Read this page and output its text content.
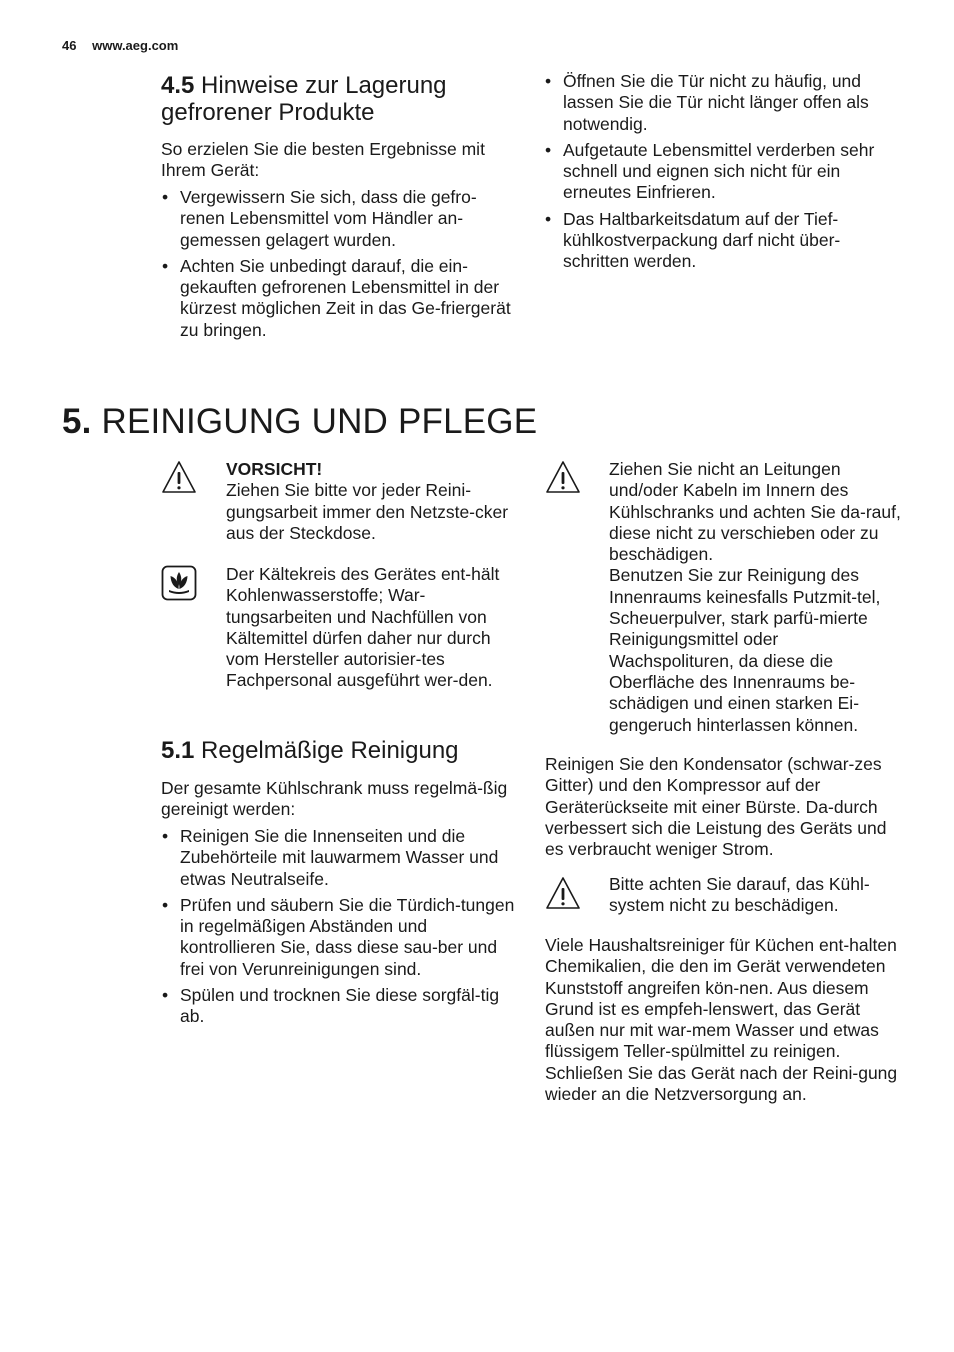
46 www.aeg.com
4.5 Hinweise zur Lagerung gefrorener Produkte

So erzielen Sie die besten Ergebnisse mit Ihrem Gerät:

• Vergewissern Sie sich, dass die gefro-renen Lebensmittel vom Händler an-gemessen gelagert wurden.
• Achten Sie unbedingt darauf, die ein-gekauften gefrorenen Lebensmittel in der kürzest möglichen Zeit in das Ge-friergerät zu bringen.
• Öffnen Sie die Tür nicht zu häufig, und lassen Sie die Tür nicht länger offen als notwendig.
• Aufgetaute Lebensmittel verderben sehr schnell und eignen sich nicht für ein erneutes Einfrieren.
• Das Haltbarkeitsdatum auf der Tief-kühlkostverpackung darf nicht über-schritten werden.
5. REINIGUNG UND PFLEGE
VORSICHT!
Ziehen Sie bitte vor jeder Reini-gungsarbeit immer den Netzste-cker aus der Steckdose.

Der Kältekreis des Gerätes ent-hält Kohlenwasserstoffe; War-tungsarbeiten und Nachfüllen von Kältemittel dürfen daher nur durch vom Hersteller autorisier-tes Fachpersonal ausgeführt wer-den.

5.1 Regelmäßige Reinigung

Der gesamte Kühlschrank muss regelmä-ßig gereinigt werden:

• Reinigen Sie die Innenseiten und die Zubehörteile mit lauwarmem Wasser und etwas Neutralseife.
• Prüfen und säubern Sie die Türdich-tungen in regelmäßigen Abständen und kontrollieren Sie, dass diese sau-ber und frei von Verunreinigungen sind.
• Spülen und trocknen Sie diese sorgfäl-tig ab.
Ziehen Sie nicht an Leitungen und/oder Kabeln im Innern des Kühlschranks und achten Sie da-rauf, diese nicht zu verschieben oder zu beschädigen.
Benutzen Sie zur Reinigung des Innenraums keinesfalls Putzmit-tel, Scheuerpulver, stark parfü-mierte Reinigungsmittel oder Wachspolituren, da diese die Oberfläche des Innenraums be-schädigen und einen starken Ei-gengeruch hinterlassen können.

Reinigen Sie den Kondensator (schwar-zes Gitter) und den Kompressor auf der Geräterückseite mit einer Bürste. Da-durch verbessert sich die Leistung des Geräts und es verbraucht weniger Strom.

Bitte achten Sie darauf, das Kühl-system nicht zu beschädigen.

Viele Haushaltsreiniger für Küchen ent-halten Chemikalien, die den im Gerät verwendeten Kunststoff angreifen kön-nen. Aus diesem Grund ist es empfeh-lenswert, das Gerät außen nur mit war-mem Wasser und etwas flüssigem Teller-spülmittel zu reinigen.

Schließen Sie das Gerät nach der Reini-gung wieder an die Netzversorgung an.
